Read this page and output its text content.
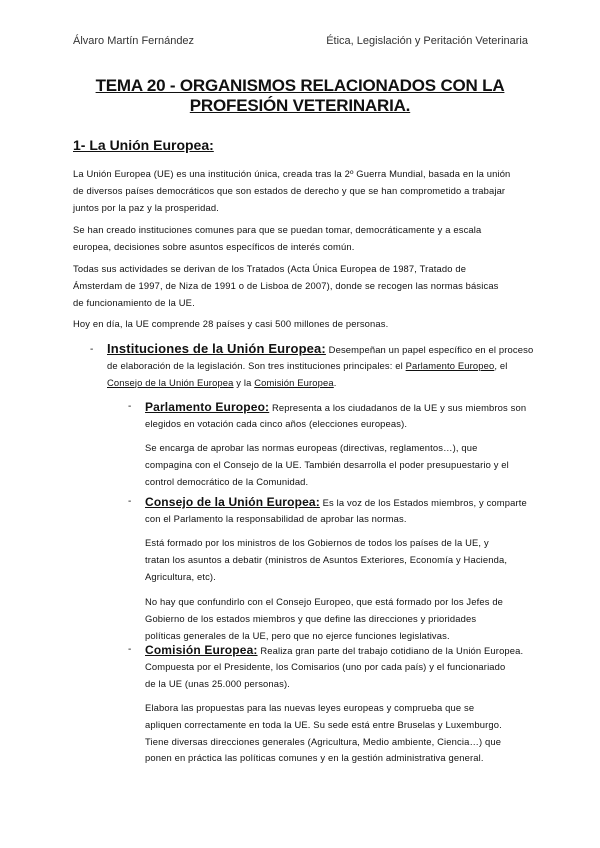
Álvaro Martín Fernández	Ética, Legislación y Peritación Veterinaria
TEMA 20 - ORGANISMOS RELACIONADOS CON LA
PROFESIÓN VETERINARIA.
1- La Unión Europea:
La Unión Europea (UE) es una institución única, creada tras la 2º Guerra Mundial, basada en la unión
de diversos países democráticos que son estados de derecho y que se han comprometido a trabajar
juntos por la paz y la prosperidad.
Se han creado instituciones comunes para que se puedan tomar, democráticamente y a escala
europea, decisiones sobre asuntos específicos de interés común.
Todas sus actividades se derivan de los Tratados (Acta Única Europea de 1987, Tratado de
Ámsterdam de 1997, de Niza de 1991 o de Lisboa de 2007), donde se recogen las normas básicas
de funcionamiento de la UE.
Hoy en día, la UE comprende 28 países y casi 500 millones de personas.
- Instituciones de la Unión Europea: Desempeñan un papel específico en el proceso
de elaboración de la legislación. Son tres instituciones principales: el Parlamento Europeo, el
Consejo de la Unión Europea y la Comisión Europea.
- Parlamento Europeo: Representa a los ciudadanos de la UE y sus miembros son
elegidos en votación cada cinco años (elecciones europeas).
Se encarga de aprobar las normas europeas (directivas, reglamentos…), que
compagina con el Consejo de la UE. También desarrolla el poder presupuestario y el
control democrático de la Comunidad.
- Consejo de la Unión Europea: Es la voz de los Estados miembros, y comparte
con el Parlamento la responsabilidad de aprobar las normas.
Está formado por los ministros de los Gobiernos de todos los países de la UE, y
tratan los asuntos a debatir (ministros de Asuntos Exteriores, Economía y Hacienda,
Agricultura, etc).
No hay que confundirlo con el Consejo Europeo, que está formado por los Jefes de
Gobierno de los estados miembros y que define las direcciones y prioridades
políticas generales de la UE, pero que no ejerce funciones legislativas.
- Comisión Europea: Realiza gran parte del trabajo cotidiano de la Unión Europea.
Compuesta por el Presidente, los Comisarios (uno por cada país) y el funcionariado
de la UE (unas 25.000 personas).
Elabora las propuestas para las nuevas leyes europeas y comprueba que se
apliquen correctamente en toda la UE. Su sede está entre Bruselas y Luxemburgo.
Tiene diversas direcciones generales (Agricultura, Medio ambiente, Ciencia…) que
ponen en práctica las políticas comunes y en la gestión administrativa general.
